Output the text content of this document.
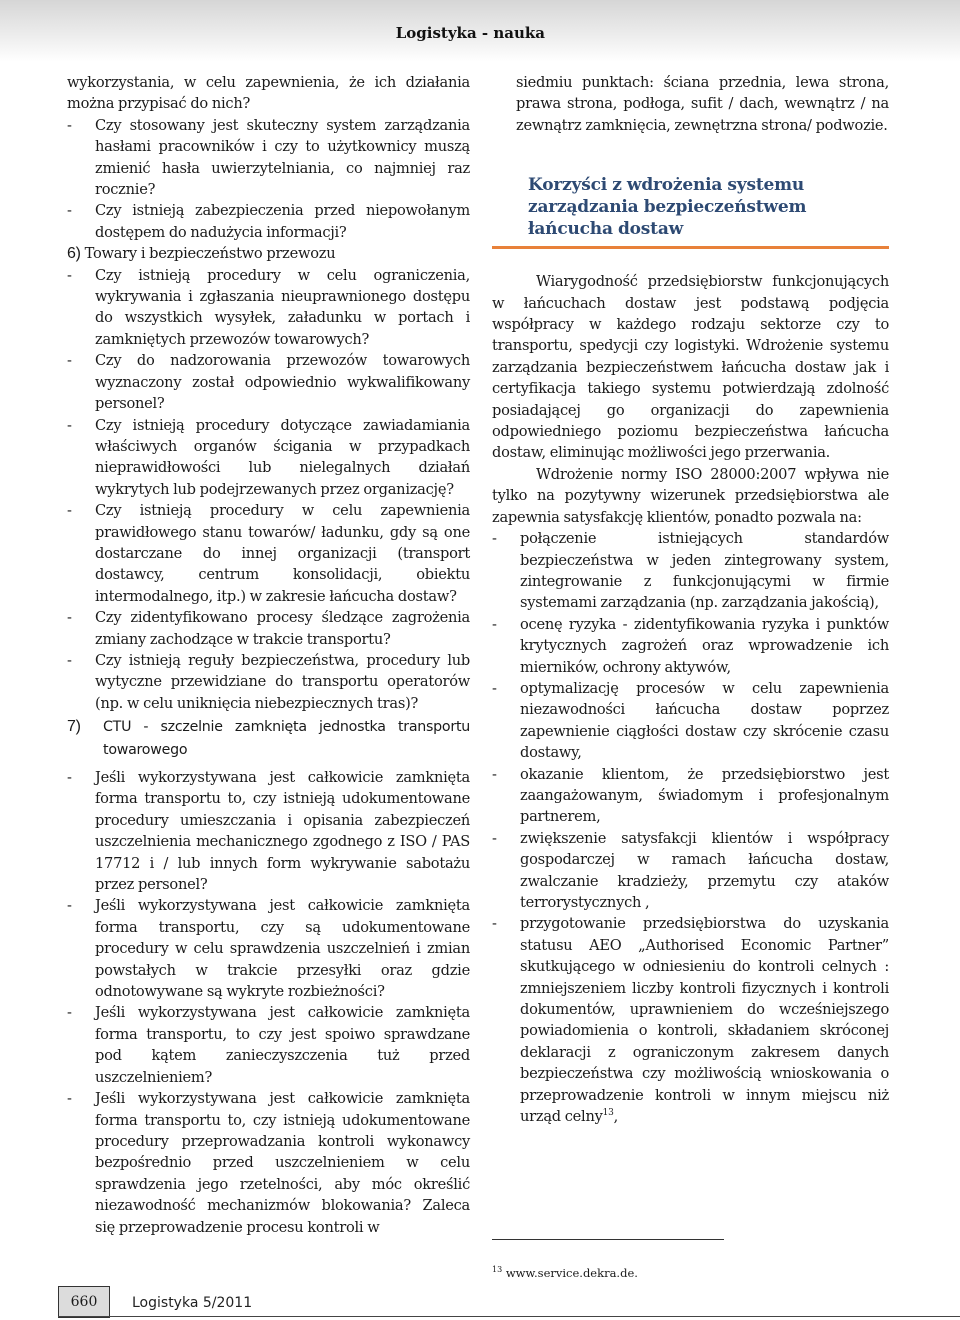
Logistyka - nauka

wykorzystania, w celu zapewnienia, że ich działania można przypisać do nich?

- Czy stosowany jest skuteczny system zarządzania hasłami pracowników i czy to użytkownicy muszą zmienić hasła uwierzytelniania, co najmniej raz rocznie?
- Czy istnieją zabezpieczenia przed niepowołanym dostępem do nadużycia informacji?

6) Towary i bezpieczeństwo przewozu

- Czy istnieją procedury w celu ograniczenia, wykrywania i zgłaszania nieuprawnionego dostępu do wszystkich wysyłek, załadunku w portach i zamkniętych przewozów towarowych?
- Czy do nadzorowania przewozów towarowych wyznaczony został odpowiednio wykwalifikowany personel?
- Czy istnieją procedury dotyczące zawiadamiania właściwych organów ścigania w przypadkach nieprawidłowości lub nielegalnych działań wykrytych lub podejrzewanych przez organizację?
- Czy istnieją procedury w celu zapewnienia prawidłowego stanu towarów/ ładunku, gdy są one dostarczane do innej organizacji (transport dostawcy, centrum konsolidacji, obiektu intermodalnego, itp.) w zakresie łańcucha dostaw?
- Czy zidentyfikowano procesy śledzące zagrożenia zmiany zachodzące w trakcie transportu?
- Czy istnieją reguły bezpieczeństwa, procedury lub wytyczne przewidziane do transportu operatorów (np. w celu uniknięcia niebezpiecznych tras)?
7) CTU - szczelnie zamknięta jednostka transportu towarowego
- Jeśli wykorzystywana jest całkowicie zamknięta forma transportu to, czy istnieją udokumentowane procedury umieszczania i opisania zabezpieczeń uszczelnienia mechanicznego zgodnego z ISO / PAS 17712 i / lub innych form wykrywanie sabotażu przez personel?
- Jeśli wykorzystywana jest całkowicie zamknięta forma transportu, czy są udokumentowane procedury w celu sprawdzenia uszczelnień i zmian powstałych w trakcie przesyłki oraz gdzie odnotowywane są wykryte rozbieżności?
- Jeśli wykorzystywana jest całkowicie zamknięta forma transportu, to czy jest spoiwo sprawdzane pod kątem zanieczyszczenia tuż przed uszczelnieniem?
- Jeśli wykorzystywana jest całkowicie zamknięta forma transportu to, czy istnieją udokumentowane procedury przeprowadzania kontroli wykonawcy bezpośrednio przed uszczelnieniem w celu sprawdzenia jego rzetelności, aby móc określić niezawodność mechanizmów blokowania? Zaleca się przeprowadzenie procesu kontroli w

siedmiu punktach: ściana przednia, lewa strona, prawa strona, podłoga, sufit / dach, wewnątrz / na zewnątrz zamknięcia, zewnętrzna strona/ podwozie.

Korzyści z wdrożenia systemu zarządzania bezpieczeństwem łańcucha dostaw

Wiarygodność przedsiębiorstw funkcjonujących w łańcuchach dostaw jest podstawą podjęcia współpracy w każdego rodzaju sektorze czy to transportu, spedycji czy logistyki. Wdrożenie systemu zarządzania bezpieczeństwem łańcucha dostaw jak i certyfikacja takiego systemu potwierdzają zdolność posiadającej go organizacji do zapewnienia odpowiedniego poziomu bezpieczeństwa łańcucha dostaw, eliminując możliwości jego przerwania.

Wdrożenie normy ISO 28000:2007 wpływa nie tylko na pozytywny wizerunek przedsiębiorstwa ale zapewnia satysfakcję klientów, ponadto pozwala na:

- połączenie istniejących standardów bezpieczeństwa w jeden zintegrowany system, zintegrowanie z funkcjonującymi w firmie systemami zarządzania (np. zarządzania jakością),
- ocenę ryzyka - zidentyfikowania ryzyka i punktów krytycznych zagrożeń oraz wprowadzenie ich mierników, ochrony aktywów,
- optymalizację procesów w celu zapewnienia niezawodności łańcucha dostaw poprzez zapewnienie ciągłości dostaw czy skrócenie czasu dostawy,
- okazanie klientom, że przedsiębiorstwo jest zaangażowanym, świadomym i profesjonalnym partnerem,
- zwiększenie satysfakcji klientów i współpracy gospodarczej w ramach łańcucha dostaw, zwalczanie kradzieży, przemytu czy ataków terrorystycznych ,
- przygotowanie przedsiębiorstwa do uzyskania statusu AEO „Authorised Economic Partner” skutkującego w odniesieniu do kontroli celnych : zmniejszeniem liczby kontroli fizycznych i kontroli dokumentów, uprawnieniem do wcześniejszego powiadomienia o kontroli, składaniem skróconej deklaracji z ograniczonym zakresem danych bezpieczeństwa czy możliwością wnioskowania o przeprowadzenie kontroli w innym miejscu niż urząd celny$^{13}$,
$^{13}$ www.service.dekra.de.
660	Logistyka 5/2011
